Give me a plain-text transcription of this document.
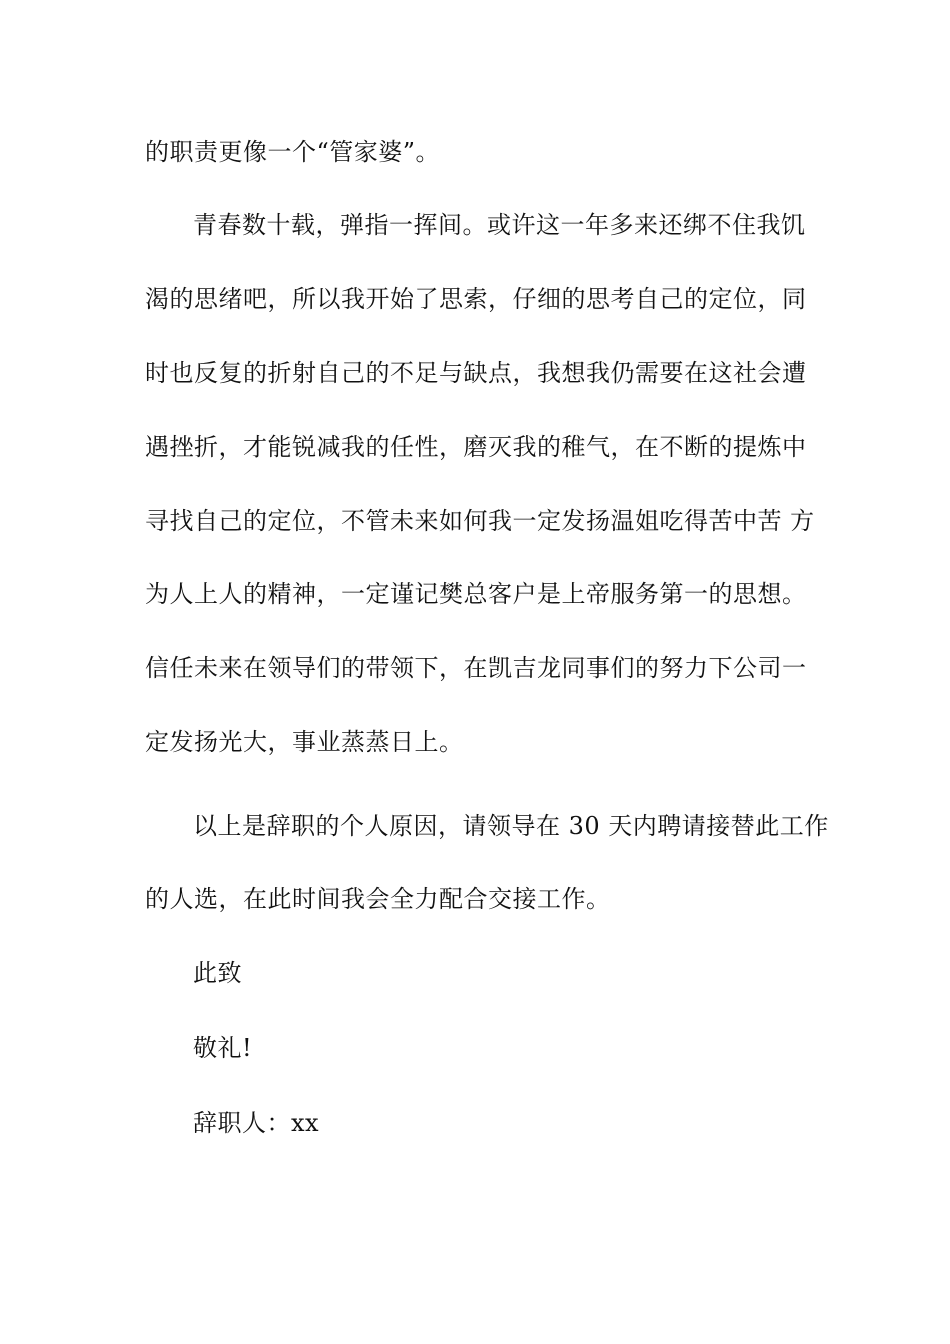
的职责更像一个“管家婆”。
青春数十载，弹指一挥间。或许这一年多来还绑不住我饥
渴的思绪吧，所以我开始了思索，仔细的思考自己的定位，同
时也反复的折射自己的不足与缺点，我想我仍需要在这社会遭
遇挫折，才能锐减我的任性，磨灭我的稚气，在不断的提炼中
寻找自己的定位，不管未来如何我一定发扬温姐吃得苦中苦 方
为人上人的精神，一定谨记樊总客户是上帝服务第一的思想。
信任未来在领导们的带领下，在凯吉龙同事们的努力下公司一
定发扬光大，事业蒸蒸日上。
以上是辞职的个人原因，请领导在 30 天内聘请接替此工作
的人选，在此时间我会全力配合交接工作。
此致
敬礼!
辞职人：xx
